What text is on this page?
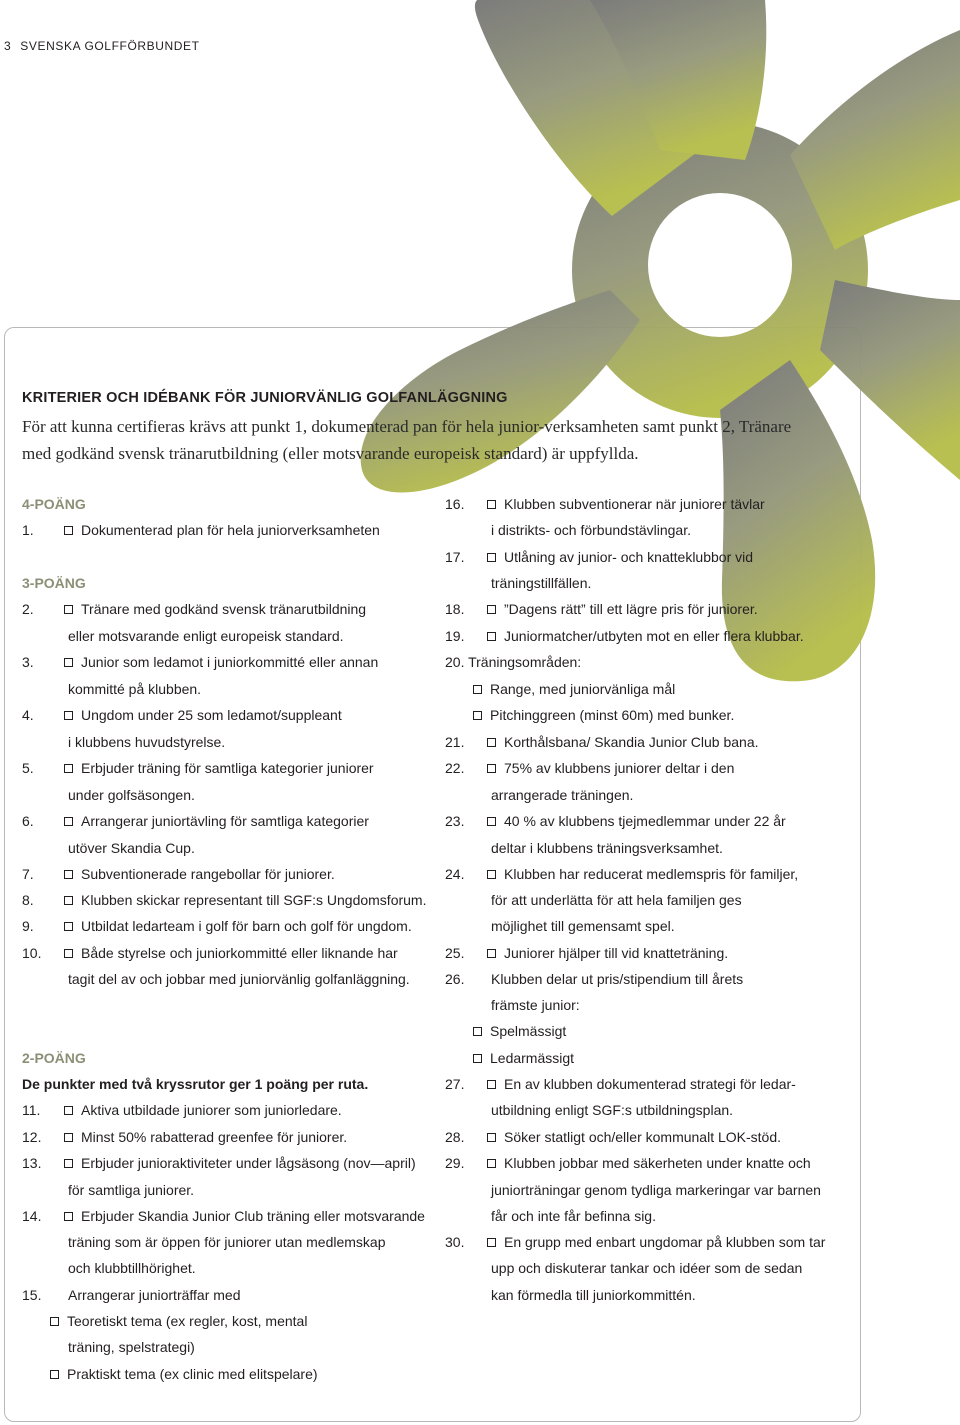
3 SVENSKA GOLFFÖRBUNDET
KRITERIER OCH IDÉBANK FÖR JUNIORVÄNLIG GOLFANLÄGGNING
För att kunna certifieras krävs att punkt 1, dokumenterad pan för hela junior-verksamheten samt punkt 2, Tränare med godkänd svensk tränarutbildning (eller motsvarande europeisk standard) är uppfyllda.
4-POÄNG
1.	Dokumenterad plan för hela juniorverksamheten
3-POÄNG
2.	Tränare med godkänd svensk tränarutbildning
eller motsvarande enligt europeisk standard.
3.	Junior som ledamot i juniorkommitté eller annan
kommitté på klubben.
4.	Ungdom under 25 som ledamot/suppleant
i klubbens huvudstyrelse.
5.	Erbjuder träning för samtliga kategorier juniorer
under golfsäsongen.
6.	Arrangerar juniortävling för samtliga kategorier
utöver Skandia Cup.
7.	Subventionerade rangebollar för juniorer.
8.	Klubben skickar representant till SGF:s Ungdomsforum.
9.	Utbildat ledarteam i golf för barn och golf för ungdom.
10.	Både styrelse och juniorkommitté eller liknande har
tagit del av och jobbar med juniorvänlig golfanläggning.
2-POÄNG
De punkter med två kryssrutor ger 1 poäng per ruta.
11.	Aktiva utbildade juniorer som juniorledare.
12.	Minst 50% rabatterad greenfee för juniorer.
13.	Erbjuder junioraktiviteter under lågsäsong (nov—april)
för samtliga juniorer.
14.	Erbjuder Skandia Junior Club träning eller motsvarande
träning som är öppen för juniorer utan medlemskap
och klubbtillhörighet.
15. Arrangerar juniorträffar med
Teoretiskt tema (ex regler, kost, mental
träning, spelstrategi)
Praktiskt tema (ex clinic med elitspelare)
16.	Klubben subventionerar när juniorer tävlar
i distrikts- och förbundstävlingar.
17.	Utlåning av junior- och knatteklubbor vid
träningstillfällen.
18.	”Dagens rätt” till ett lägre pris för juniorer.
19.	Juniormatcher/utbyten mot en eller flera klubbar.
20. Träningsområden:
Range, med juniorvänliga mål
Pitchinggreen (minst 60m) med bunker.
21.	Korthålsbana/ Skandia Junior Club bana.
22.	75% av klubbens juniorer deltar i den
arrangerade träningen.
23.	40 % av klubbens tjejmedlemmar under 22 år
deltar i klubbens träningsverksamhet.
24.	Klubben har reducerat medlemspris för familjer,
för att underlätta för att hela familjen ges
möjlighet till gemensamt spel.
25.	Juniorer hjälper till vid knatteträning.
26. Klubben delar ut pris/stipendium till årets
främste junior:
Spelmässigt
Ledarmässigt
27.	En av klubben dokumenterad strategi för ledar-
utbildning enligt SGF:s utbildningsplan.
28.	Söker statligt och/eller kommunalt LOK-stöd.
29.	Klubben jobbar med säkerheten under knatte och
juniorträningar genom tydliga markeringar var barnen
får och inte får befinna sig.
30.	En grupp med enbart ungdomar på klubben som tar
upp och diskuterar tankar och idéer som de sedan
kan förmedla till juniorkommittén.
